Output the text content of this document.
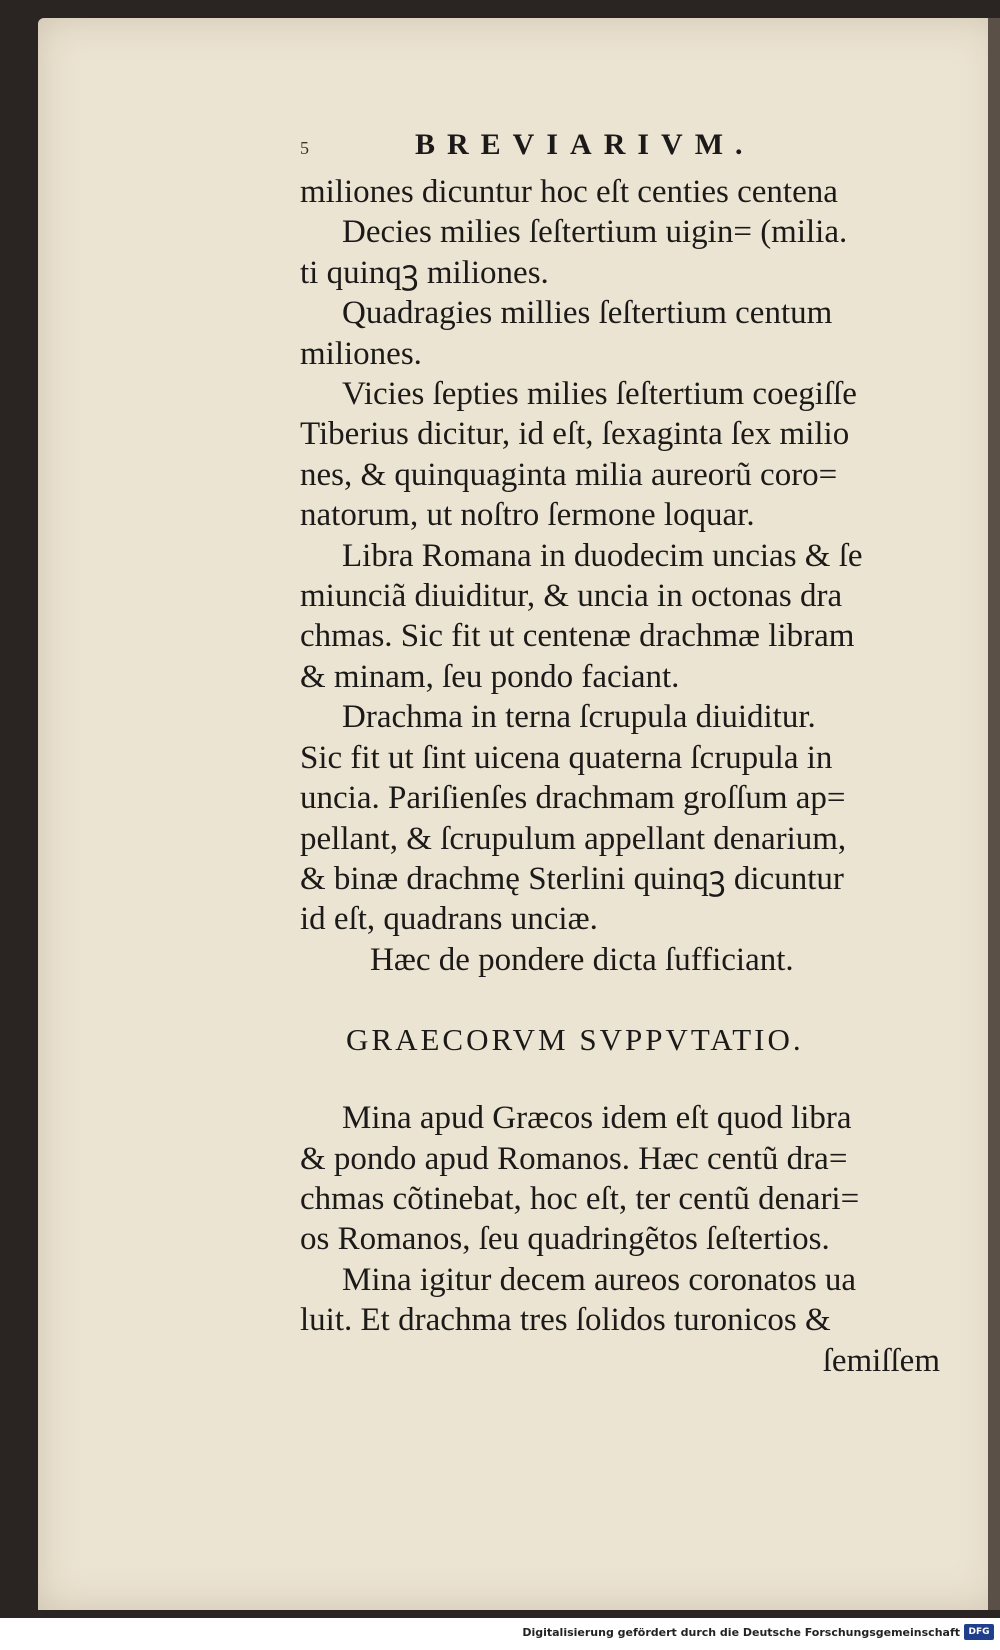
5	BREVIARIVM.
miliones dicuntur hoc eſt centies centena
Decies milies ſeſtertium uigin= (milia.
ti quinqꝫ miliones.
Quadragies millies ſeſtertium centum
miliones.
Vicies ſepties milies ſeſtertium coegiſſe
Tiberius dicitur, id eſt, ſexaginta ſex milio
nes, & quinquaginta milia aureorũ coro=
natorum, ut noſtro ſermone loquar.
Libra Romana in duodecim uncias & ſe
miunciã diuiditur, & uncia in octonas dra
chmas. Sic fit ut centenæ drachmæ libram
& minam, ſeu pondo faciant.
Drachma in terna ſcrupula diuiditur.
Sic fit ut ſint uicena quaterna ſcrupula in
uncia. Pariſienſes drachmam groſſum ap=
pellant, & ſcrupulum appellant denarium,
& binæ drachmę Sterlini quinqꝫ dicuntur
id eſt, quadrans unciæ.
Hæc de pondere dicta ſufficiant.
GRAECORVM SVPPVTATIO.
Mina apud Græcos idem eſt quod libra
& pondo apud Romanos. Hæc centũ dra=
chmas cõtinebat, hoc eſt, ter centũ denari=
os Romanos, ſeu quadringẽtos ſeſtertios.
Mina igitur decem aureos coronatos ua
luit. Et drachma tres ſolidos turonicos &
ſemiſſem
Digitalisierung gefördert durch die Deutsche Forschungsgemeinschaft DFG
